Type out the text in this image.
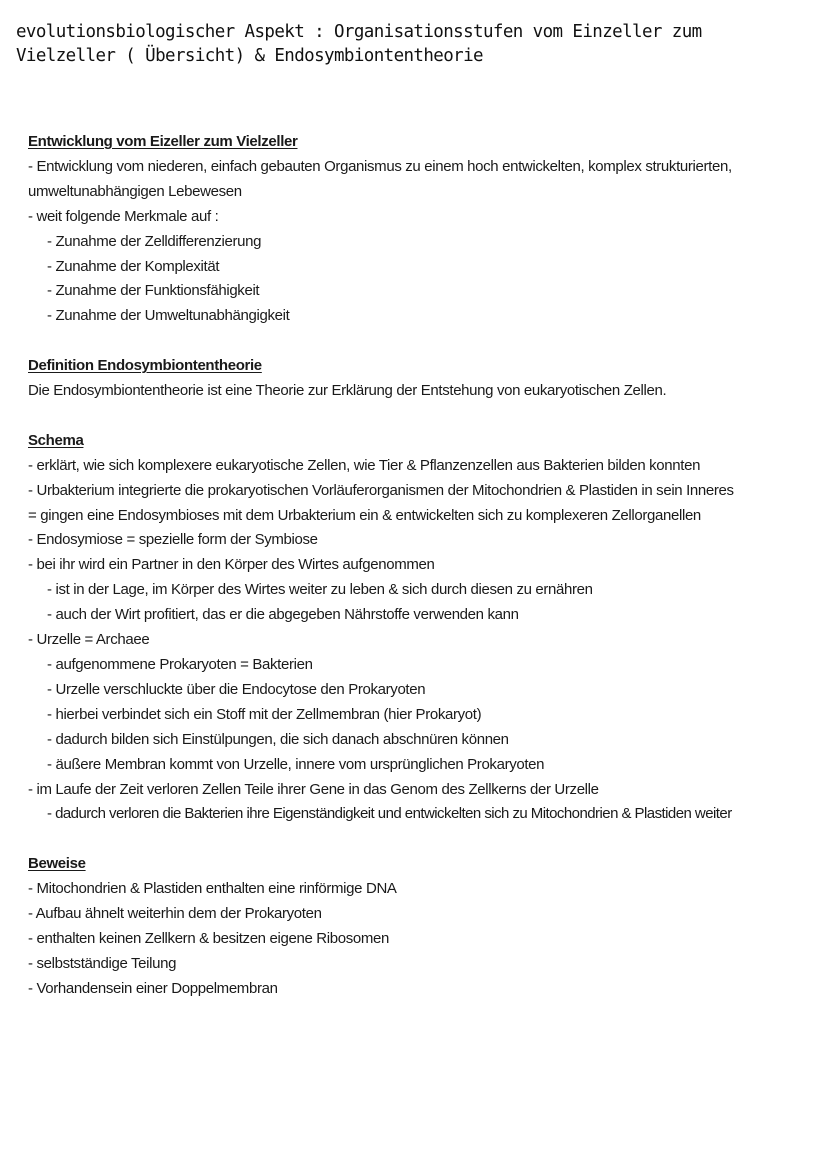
evolutionsbiologischer Aspekt : Organisationsstufen vom Einzeller zum
Vielzeller ( Übersicht) & Endosymbiontentheorie
Entwicklung vom Eizeller zum Vielzeller
- Entwicklung vom niederen, einfach gebauten Organismus zu einem hoch entwickelten, komplex strukturierten, umweltunabhängigen Lebewesen
- weit folgende Merkmale auf :
- Zunahme der Zelldifferenzierung
- Zunahme der Komplexität
- Zunahme der Funktionsfähigkeit
- Zunahme der Umweltunabhängigkeit
Definition Endosymbiontentheorie
Die Endosymbiontentheorie ist eine Theorie zur Erklärung der Entstehung von eukaryotischen Zellen.
Schema
- erklärt, wie sich komplexere eukaryotische Zellen, wie Tier & Pflanzenzellen aus Bakterien bilden konnten
- Urbakterium integrierte die prokaryotischen Vorläuferorganismen der Mitochondrien & Plastiden in sein Inneres
= gingen eine Endosymbioses mit dem Urbakterium ein & entwickelten sich zu komplexeren Zellorganellen
- Endosymiose = spezielle form der Symbiose
- bei ihr wird ein Partner in den Körper des Wirtes aufgenommen
- ist in der Lage, im Körper des Wirtes weiter zu leben & sich durch diesen zu ernähren
- auch der Wirt profitiert, das er die abgegeben Nährstoffe verwenden kann
- Urzelle = Archaee
- aufgenommene Prokaryoten = Bakterien
- Urzelle verschluckte über die Endocytose den Prokaryoten
- hierbei verbindet sich ein Stoff mit der Zellmembran (hier Prokaryot)
- dadurch bilden sich Einstülpungen, die sich danach abschnüren können
- äußere Membran kommt von Urzelle, innere vom ursprünglichen Prokaryoten
- im Laufe der Zeit verloren Zellen Teile ihrer Gene in das Genom des Zellkerns der Urzelle
- dadurch verloren die Bakterien ihre Eigenständigkeit und entwickelten sich zu Mitochondrien & Plastiden weiter
Beweise
- Mitochondrien & Plastiden enthalten eine rinförmige DNA
- Aufbau ähnelt weiterhin dem der Prokaryoten
- enthalten keinen Zellkern & besitzen eigene Ribosomen
- selbstständige Teilung
- Vorhandensein einer Doppelmembran
